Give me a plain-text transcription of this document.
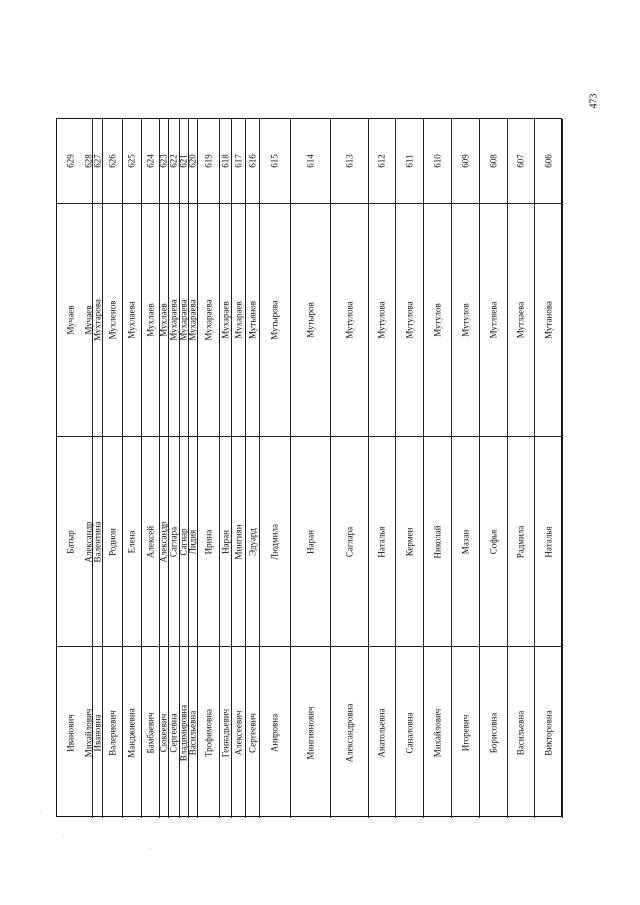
473
606
Мутанова
Наталья
Викторовна
607
Мутлаева
Радмила
Васильевна
608
Мутляева
Софья
Борисовна
609
Мутулов
Мазан
Игоревич
610
Мутулов
Николай
Михайлович
611
Мутулова
Кермен
Саналовна
612
Мутулова
Наталья
Анатольевна
613
Мутулова
Саглара
Александровна
614
Мутыров
Наран
Мингиянович
615
Мутырова
Людмила
Анировна
616
Мутьянов
Эдуард
Сергеевич
617
Мухараев
Мингиян
Алексеевич
618
Мухараев
Наран
Геннадьевич
619
Мухараева
Ирина
Трофимовна
620
Мухараева
Лидия
Васильевна
621
Мухараева
Сагнар
Владимировна
622
Мухараева
Саглара
Сергеевна
623
Мухлаев
Александр
Сюкеевич
624
Мухлаев
Алексей
Бамбаевич
625
Мухлаева
Елена
Манджиевна
626
Мухленов
Родион
Валериевич
627
Мухтарова
Валентина
Ивановна
628
Мучаев
Александр
Михайлович
629
Мучаев
Батыр
Иванович
